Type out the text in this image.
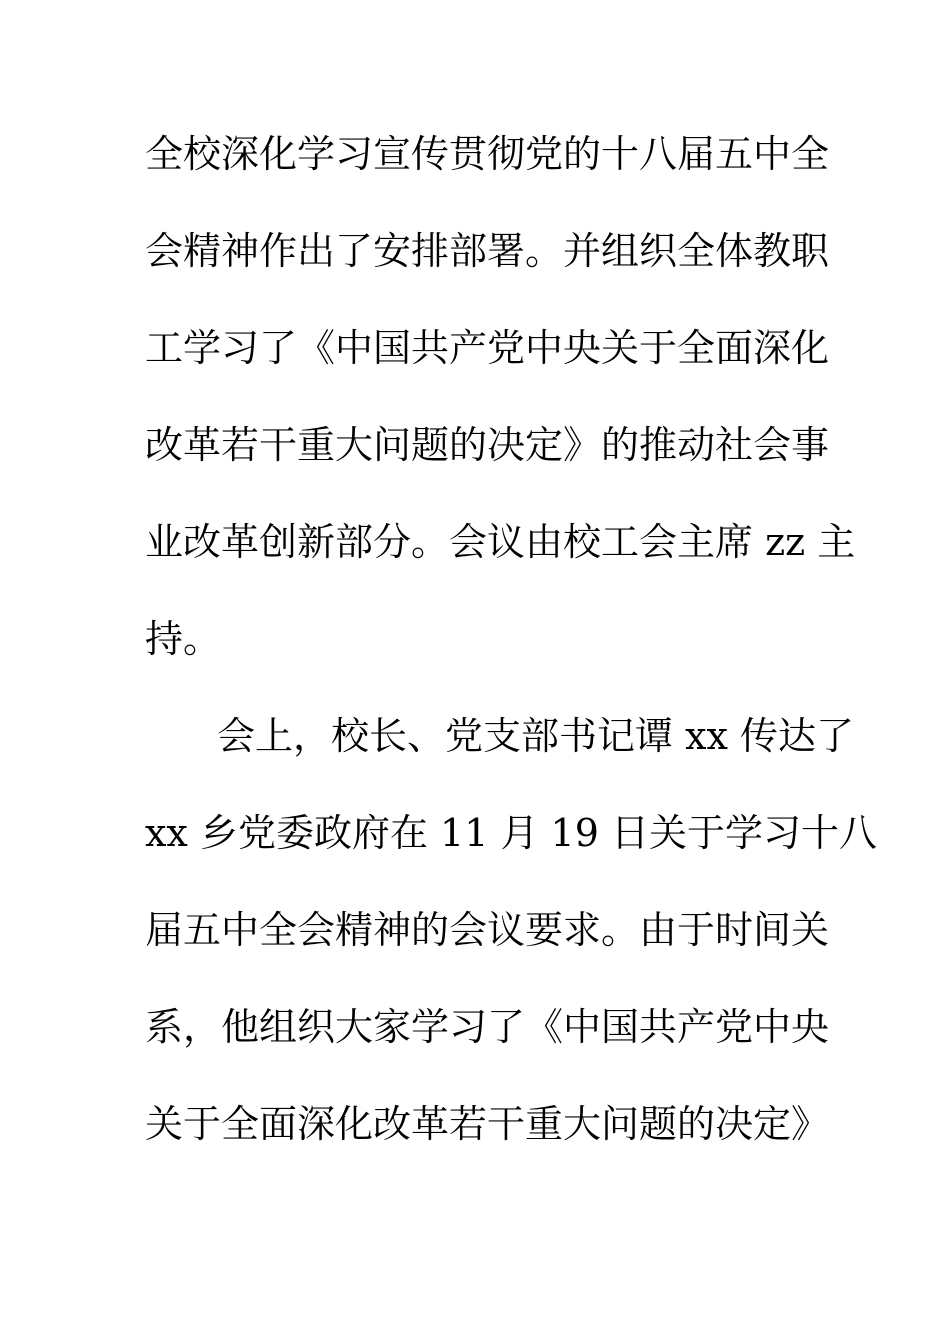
全校深化学习宣传贯彻党的十八届五中全
会精神作出了安排部署。并组织全体教职
工学习了《中国共产党中央关于全面深化
改革若干重大问题的决定》的推动社会事
业改革创新部分。会议由校工会主席 zz 主
持。
会上，校长、党支部书记谭 xx 传达了
xx 乡党委政府在 11 月 19 日关于学习十八
届五中全会精神的会议要求。由于时间关
系，他组织大家学习了《中国共产党中央
关于全面深化改革若干重大问题的决定》
